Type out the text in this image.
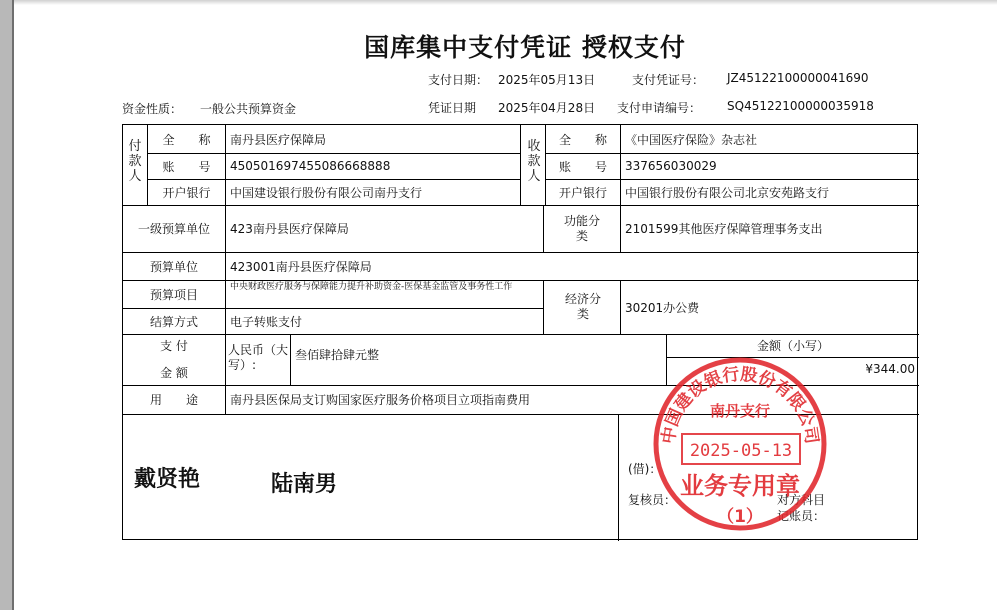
国库集中支付凭证 授权支付
支付日期： 2025年05月13日	支付凭证号： JZ45122100000041690
资金性质： 一般公共预算资金	凭证日期 2025年04月28日 支付申请编号： SQ45122100000035918
付款人
全　　称	南丹县医疗保障局
账　　号	450501697455086668888
开户银行	中国建设银行股份有限公司南丹支行
收款人
全　　称	《中国医疗保险》杂志社
账　　号	337656030029
开户银行	中国银行股份有限公司北京安苑路支行
一级预算单位	423南丹县医疗保障局
功能分类	2101599其他医疗保障管理事务支出
预算单位	423001南丹县医疗保障局
预算项目
中央财政医疗服务与保障能力提升补助资金-医保基金监管及事务性工作
经济分类	30201办公费
结算方式	电子转账支付
支 付
金 额
人民币（大写）:
叁佰肆拾肆元整
金额（小写）
¥344.00
用　　途	南丹县医保局支订购国家医疗服务价格项目立项指南费用
戴贤艳	陆南男
(借)：
复核员：	对方科目
记账员：
中国建设银行股份有限公司
南丹支行
2025-05-13
业务专用章
（1）
